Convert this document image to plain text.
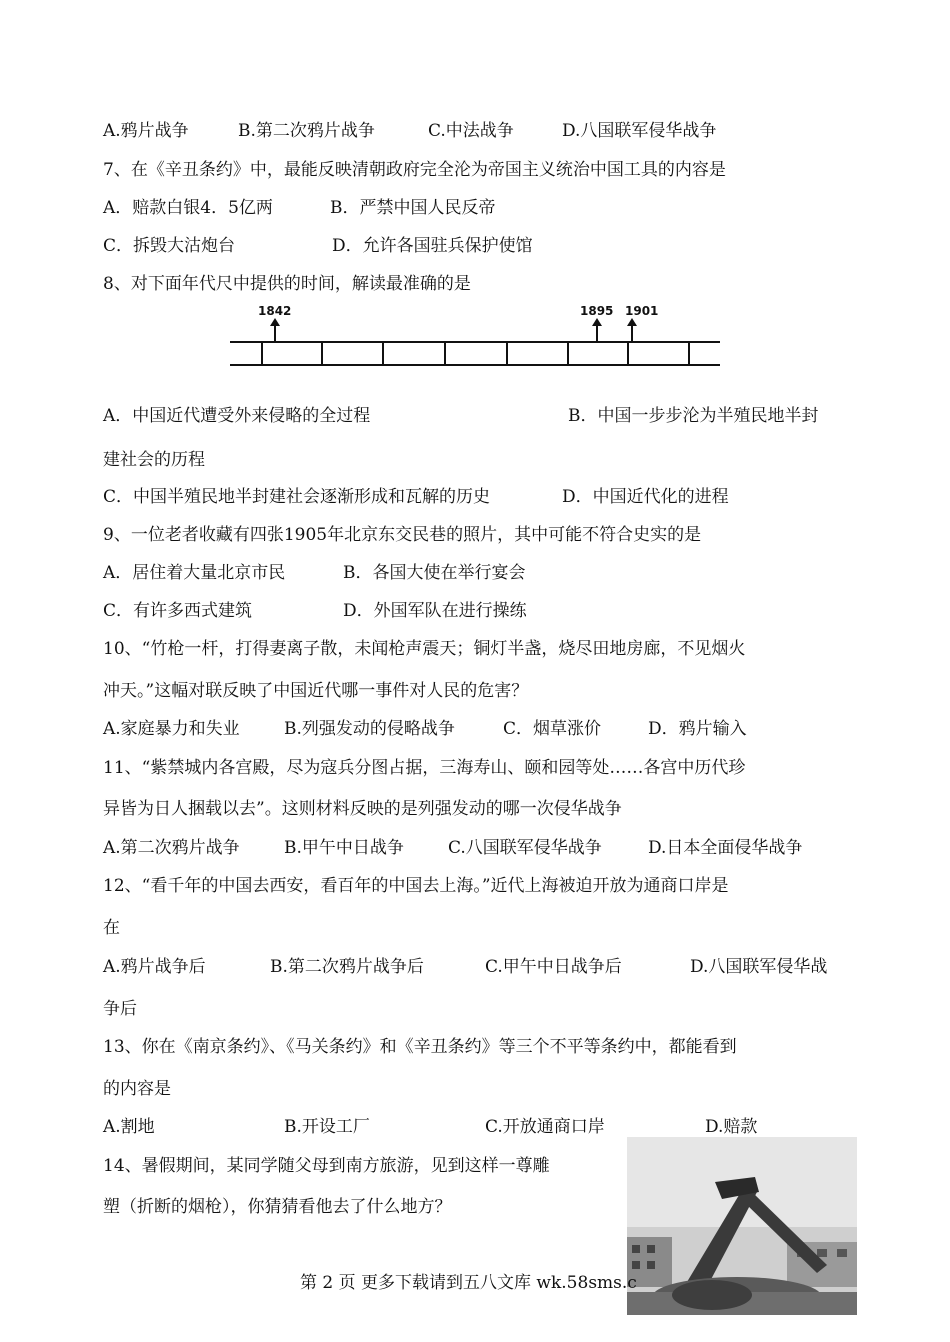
A.鸦片战争	B.第二次鸦片战争	C.中法战争	D.八国联军侵华战争
7、在《辛丑条约》中，最能反映清朝政府完全沦为帝国主义统治中国工具的内容是
A．赔款白银4．5亿两	B．严禁中国人民反帝
C．拆毁大沽炮台	D．允许各国驻兵保护使馆
8、对下面年代尺中提供的时间，解读最准确的是
1842	1895 1901
A．中国近代遭受外来侵略的全过程	B．中国一步步沦为半殖民地半封
建社会的历程
C．中国半殖民地半封建社会逐渐形成和瓦解的历史	D．中国近代化的进程
9、一位老者收藏有四张1905年北京东交民巷的照片，其中可能不符合史实的是
A．居住着大量北京市民	B．各国大使在举行宴会
C．有许多西式建筑	D．外国军队在进行操练
10、“竹枪一杆，打得妻离子散，未闻枪声震天；铜灯半盏，烧尽田地房廊，不见烟火
冲天。”这幅对联反映了中国近代哪一事件对人民的危害？
A.家庭暴力和失业	B.列强发动的侵略战争	C．烟草涨价	D．鸦片输入
11、“紫禁城内各宫殿，尽为寇兵分图占据，三海寿山、颐和园等处……各宫中历代珍
异皆为日人捆载以去”。这则材料反映的是列强发动的哪一次侵华战争
A.第二次鸦片战争	B.甲午中日战争	C.八国联军侵华战争	D.日本全面侵华战争
12、“看千年的中国去西安，看百年的中国去上海。”近代上海被迫开放为通商口岸是
在
A.鸦片战争后	B.第二次鸦片战争后	C.甲午中日战争后	D.八国联军侵华战
争后
13、你在《南京条约》、《马关条约》和《辛丑条约》等三个不平等条约中，都能看到
的内容是
A.割地	B.开设工厂	C.开放通商口岸	D.赔款
14、暑假期间，某同学随父母到南方旅游，见到这样一尊雕
塑（折断的烟枪），你猜猜看他去了什么地方？
第 2 页 更多下载请到五八文库 wk.58sms.c
